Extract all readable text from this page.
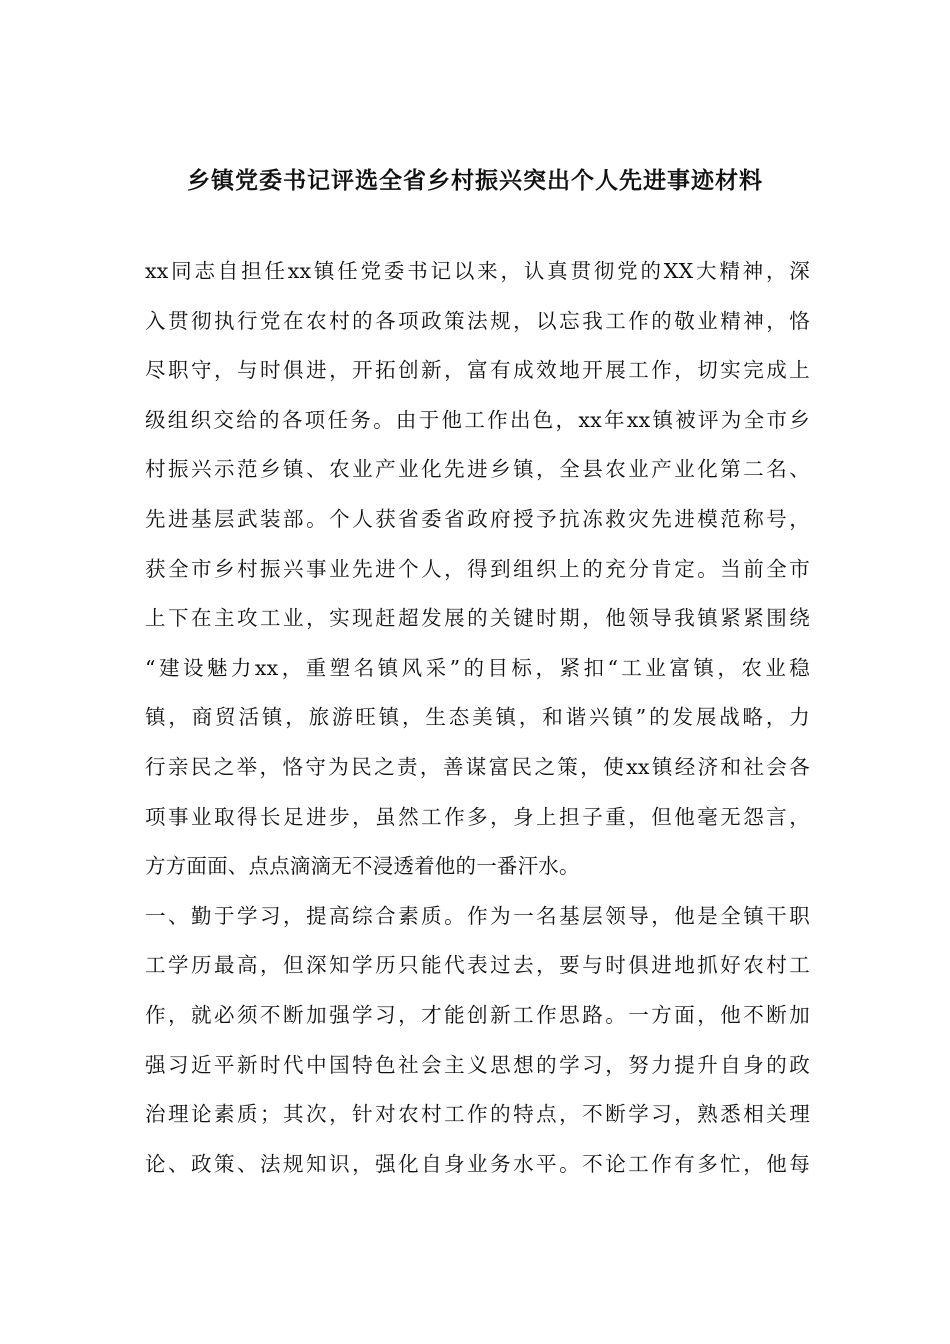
乡镇党委书记评选全省乡村振兴突出个人先进事迹材料
xx同志自担任xx镇任党委书记以来，认真贯彻党的XX大精神，深
入贯彻执行党在农村的各项政策法规，以忘我工作的敬业精神，恪
尽职守，与时俱进，开拓创新，富有成效地开展工作，切实完成上
级组织交给的各项任务。由于他工作出色，xx年xx镇被评为全市乡
村振兴示范乡镇、农业产业化先进乡镇，全县农业产业化第二名、
先进基层武装部。个人获省委省政府授予抗冻救灾先进模范称号，
获全市乡村振兴事业先进个人，得到组织上的充分肯定。当前全市
上下在主攻工业，实现赶超发展的关键时期，他领导我镇紧紧围绕
“建设魅力xx，重塑名镇风采”的目标，紧扣“工业富镇，农业稳
镇，商贸活镇，旅游旺镇，生态美镇，和谐兴镇”的发展战略，力
行亲民之举，恪守为民之责，善谋富民之策，使xx镇经济和社会各
项事业取得长足进步，虽然工作多，身上担子重，但他毫无怨言，
方方面面、点点滴滴无不浸透着他的一番汗水。
一、勤于学习，提高综合素质。作为一名基层领导，他是全镇干职
工学历最高，但深知学历只能代表过去，要与时俱进地抓好农村工
作，就必须不断加强学习，才能创新工作思路。一方面，他不断加
强习近平新时代中国特色社会主义思想的学习，努力提升自身的政
治理论素质；其次，针对农村工作的特点，不断学习，熟悉相关理
论、政策、法规知识，强化自身业务水平。不论工作有多忙，他每
